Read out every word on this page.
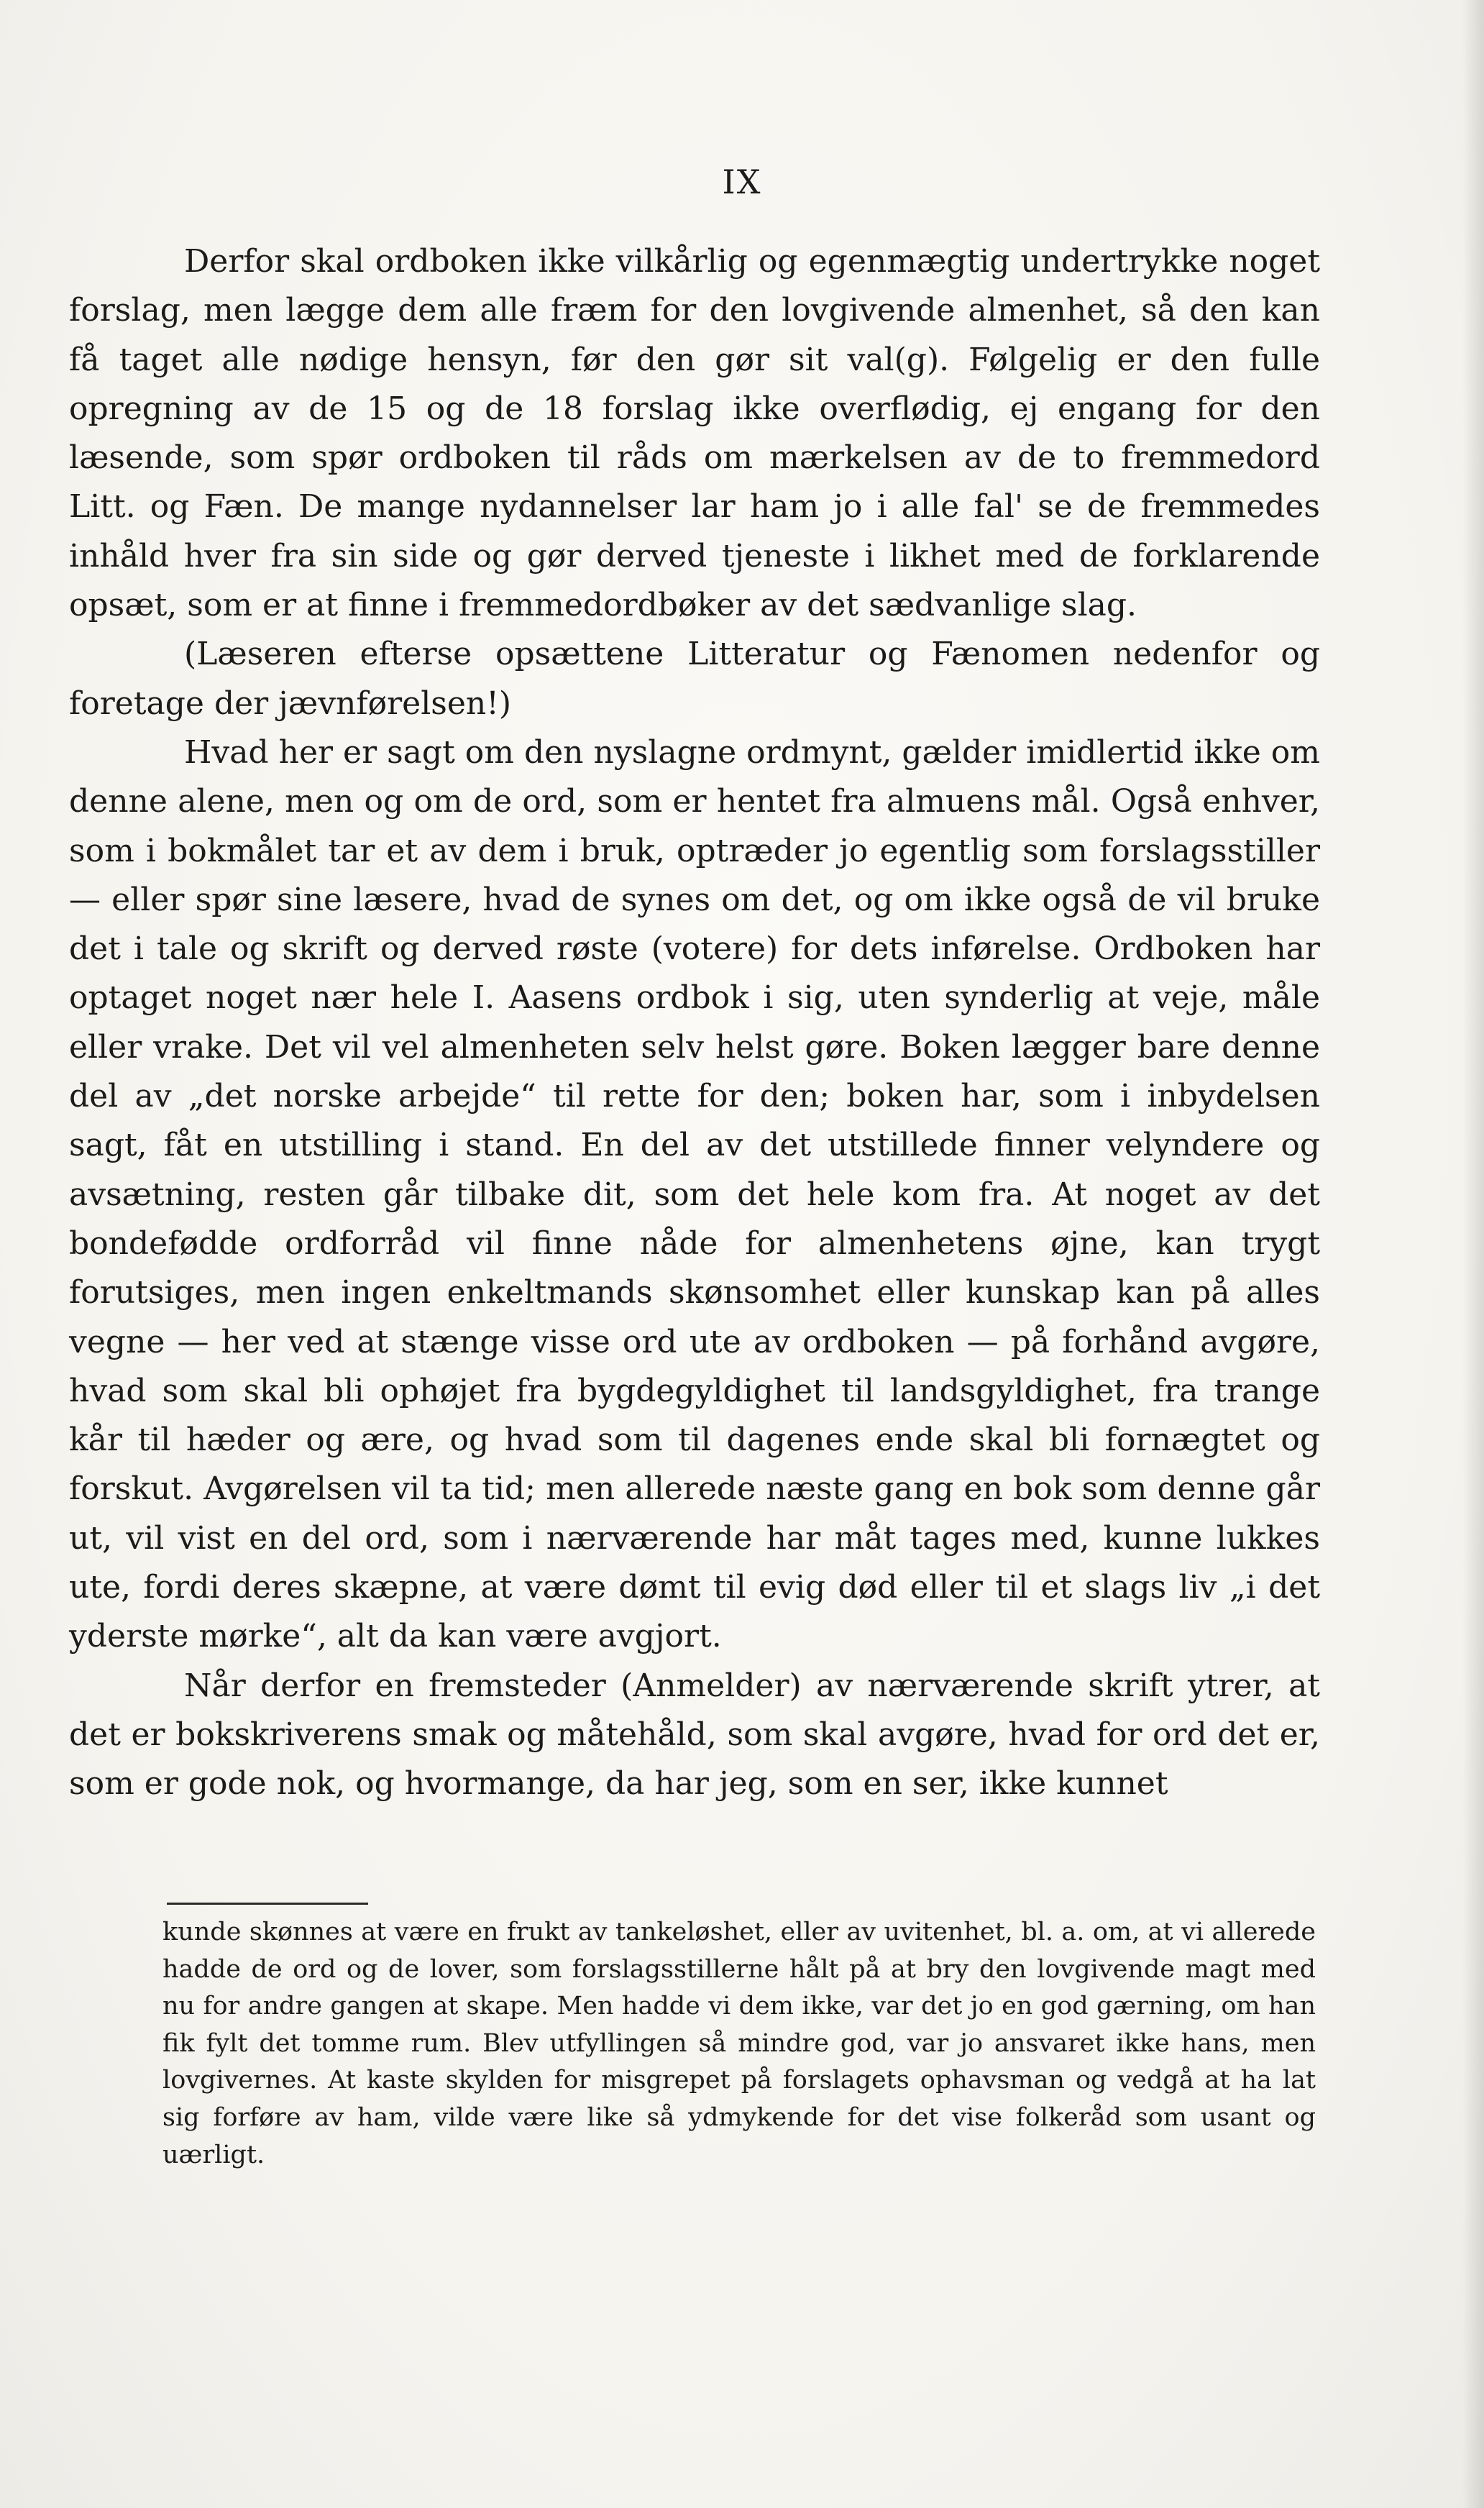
IX

Derfor skal ordboken ikke vilkårlig og egenmægtig undertrykke noget forslag, men lægge dem alle fræm for den lovgivende almenhet, så den kan få taget alle nødige hensyn, før den gør sit val(g). Følgelig er den fulle opregning av de 15 og de 18 forslag ikke overflødig, ej engang for den læsende, som spør ordboken til råds om mærkelsen av de to fremmedord Litt. og Fæn. De mange nydannelser lar ham jo i alle fal' se de fremmedes inhåld hver fra sin side og gør derved tjeneste i likhet med de forklarende opsæt, som er at finne i fremmedordbøker av det sædvanlige slag.

(Læseren efterse opsættene Litteratur og Fænomen nedenfor og foretage der jævnførelsen!)

Hvad her er sagt om den nyslagne ordmynt, gælder imidlertid ikke om denne alene, men og om de ord, som er hentet fra almuens mål. Også enhver, som i bokmålet tar et av dem i bruk, optræder jo egentlig som forslagsstiller — eller spør sine læsere, hvad de synes om det, og om ikke også de vil bruke det i tale og skrift og derved røste (votere) for dets inførelse. Ordboken har optaget noget nær hele I. Aasens ordbok i sig, uten synderlig at veje, måle eller vrake. Det vil vel almenheten selv helst gøre. Boken lægger bare denne del av „det norske arbejde“ til rette for den; boken har, som i inbydelsen sagt, fåt en utstilling i stand. En del av det utstillede finner velyndere og avsætning, resten går tilbake dit, som det hele kom fra. At noget av det bondefødde ordforråd vil finne nåde for almenhetens øjne, kan trygt forutsiges, men ingen enkeltmands skønsomhet eller kunskap kan på alles vegne — her ved at stænge visse ord ute av ordboken — på forhånd avgøre, hvad som skal bli ophøjet fra bygdegyldighet til landsgyldighet, fra trange kår til hæder og ære, og hvad som til dagenes ende skal bli fornægtet og forskut. Avgørelsen vil ta tid; men allerede næste gang en bok som denne går ut, vil vist en del ord, som i nærværende har måt tages med, kunne lukkes ute, fordi deres skæpne, at være dømt til evig død eller til et slags liv „i det yderste mørke“, alt da kan være avgjort.

Når derfor en fremsteder (Anmelder) av nærværende skrift ytrer, at det er bokskriverens smak og måtehåld, som skal avgøre, hvad for ord det er, som er gode nok, og hvormange, da har jeg, som en ser, ikke kunnet

kunde skønnes at være en frukt av tankeløshet, eller av uvitenhet, bl. a. om, at vi allerede hadde de ord og de lover, som forslagsstillerne hålt på at bry den lovgivende magt med nu for andre gangen at skape. Men hadde vi dem ikke, var det jo en god gærning, om han fik fylt det tomme rum. Blev utfyllingen så mindre god, var jo ansvaret ikke hans, men lovgivernes. At kaste skylden for misgrepet på forslagets ophavsman og vedgå at ha lat sig forføre av ham, vilde være like så ydmykende for det vise folkeråd som usant og uærligt.
